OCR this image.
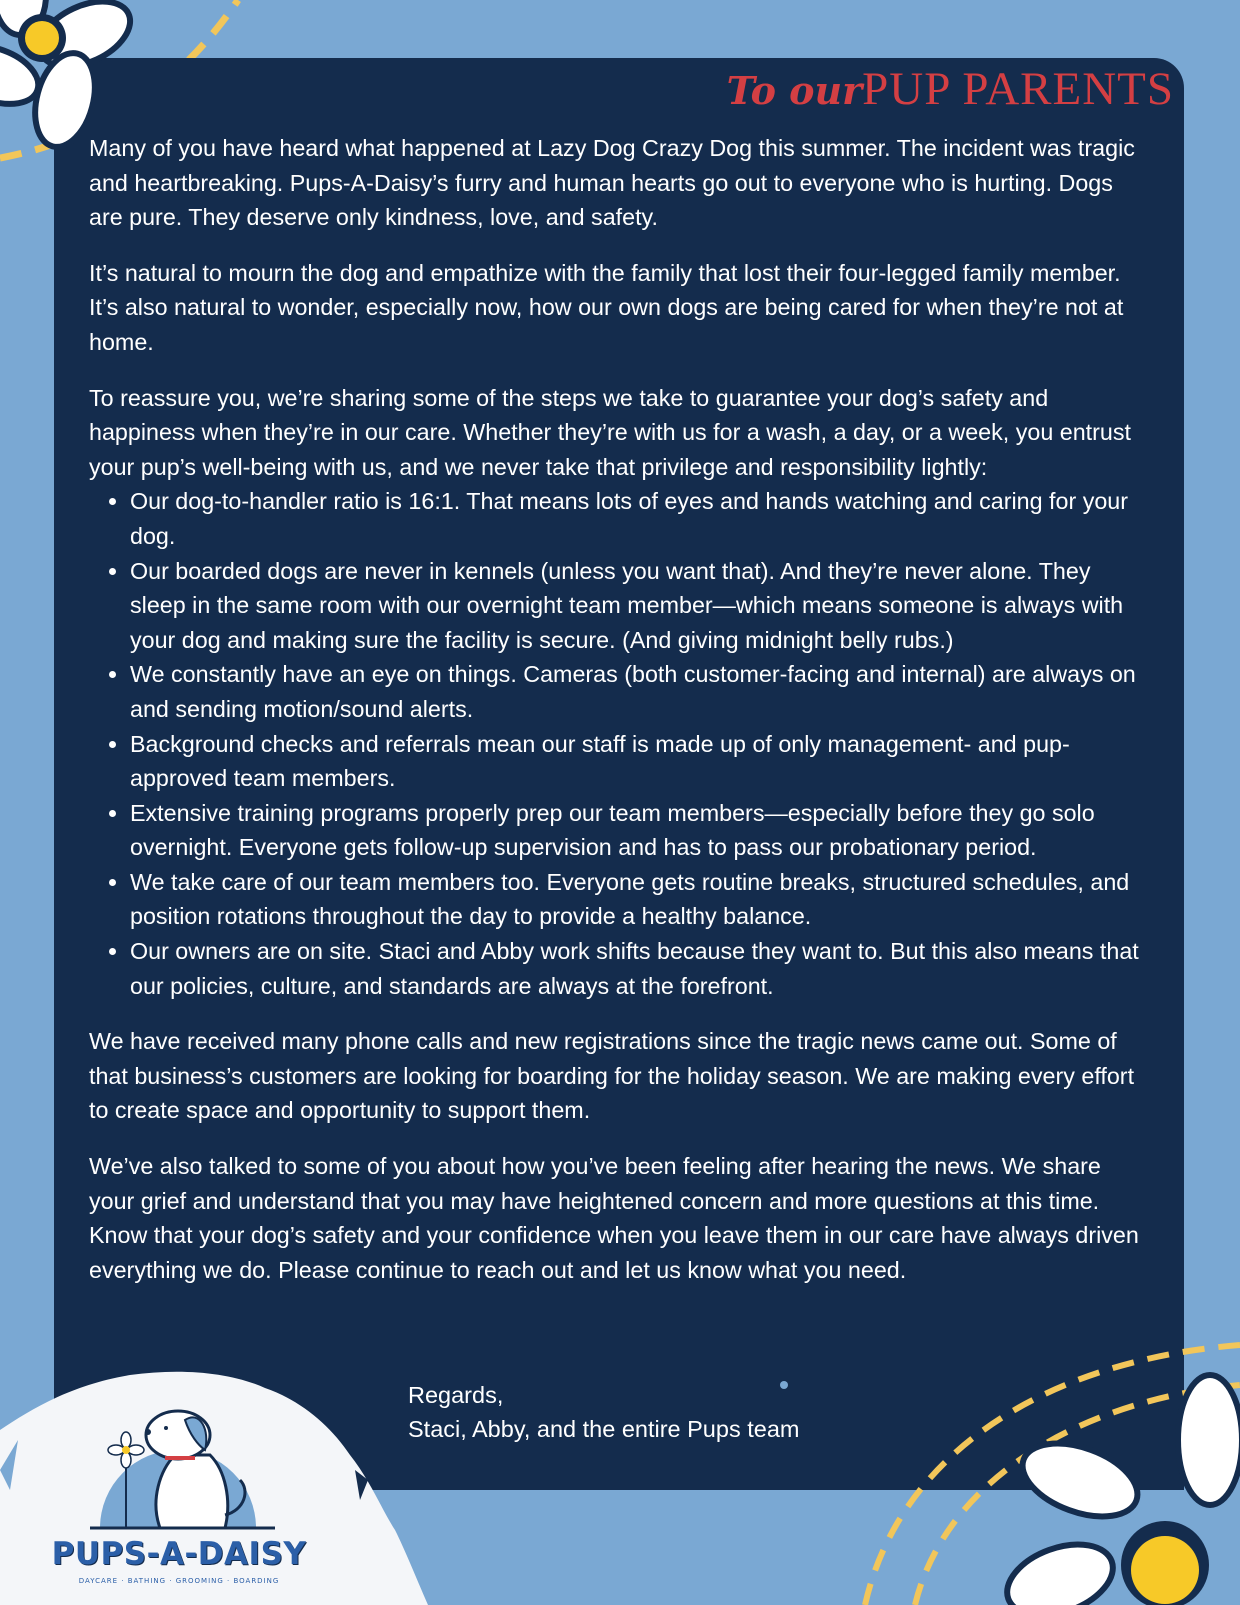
To ourPUP PARENTS

Many of you have heard what happened at Lazy Dog Crazy Dog this summer. The incident was tragic and heartbreaking. Pups-A-Daisy’s furry and human hearts go out to everyone who is hurting. Dogs are pure. They deserve only kindness, love, and safety.

It’s natural to mourn the dog and empathize with the family that lost their four-legged family member. It’s also natural to wonder, especially now, how our own dogs are being cared for when they’re not at home.

To reassure you, we’re sharing some of the steps we take to guarantee your dog’s safety and happiness when they’re in our care. Whether they’re with us for a wash, a day, or a week, you entrust your pup’s well-being with us, and we never take that privilege and responsibility lightly:

• Our dog-to-handler ratio is 16:1. That means lots of eyes and hands watching and caring for your dog.
• Our boarded dogs are never in kennels (unless you want that). And they’re never alone. They sleep in the same room with our overnight team member—which means someone is always with your dog and making sure the facility is secure. (And giving midnight belly rubs.)
• We constantly have an eye on things. Cameras (both customer-facing and internal) are always on and sending motion/sound alerts.
• Background checks and referrals mean our staff is made up of only management- and pup-approved team members.
• Extensive training programs properly prep our team members—especially before they go solo overnight. Everyone gets follow-up supervision and has to pass our probationary period.
• We take care of our team members too. Everyone gets routine breaks, structured schedules, and position rotations throughout the day to provide a healthy balance.
• Our owners are on site. Staci and Abby work shifts because they want to. But this also means that our policies, culture, and standards are always at the forefront.

We have received many phone calls and new registrations since the tragic news came out. Some of that business’s customers are looking for boarding for the holiday season. We are making every effort to create space and opportunity to support them.

We’ve also talked to some of you about how you’ve been feeling after hearing the news. We share your grief and understand that you may have heightened concern and more questions at this time. Know that your dog’s safety and your confidence when you leave them in our care have always driven everything we do. Please continue to reach out and let us know what you need.

Regards,
Staci, Abby, and the entire Pups team
PUPS-A-DAISY
DAYCARE · BATHING · GROOMING · BOARDING
